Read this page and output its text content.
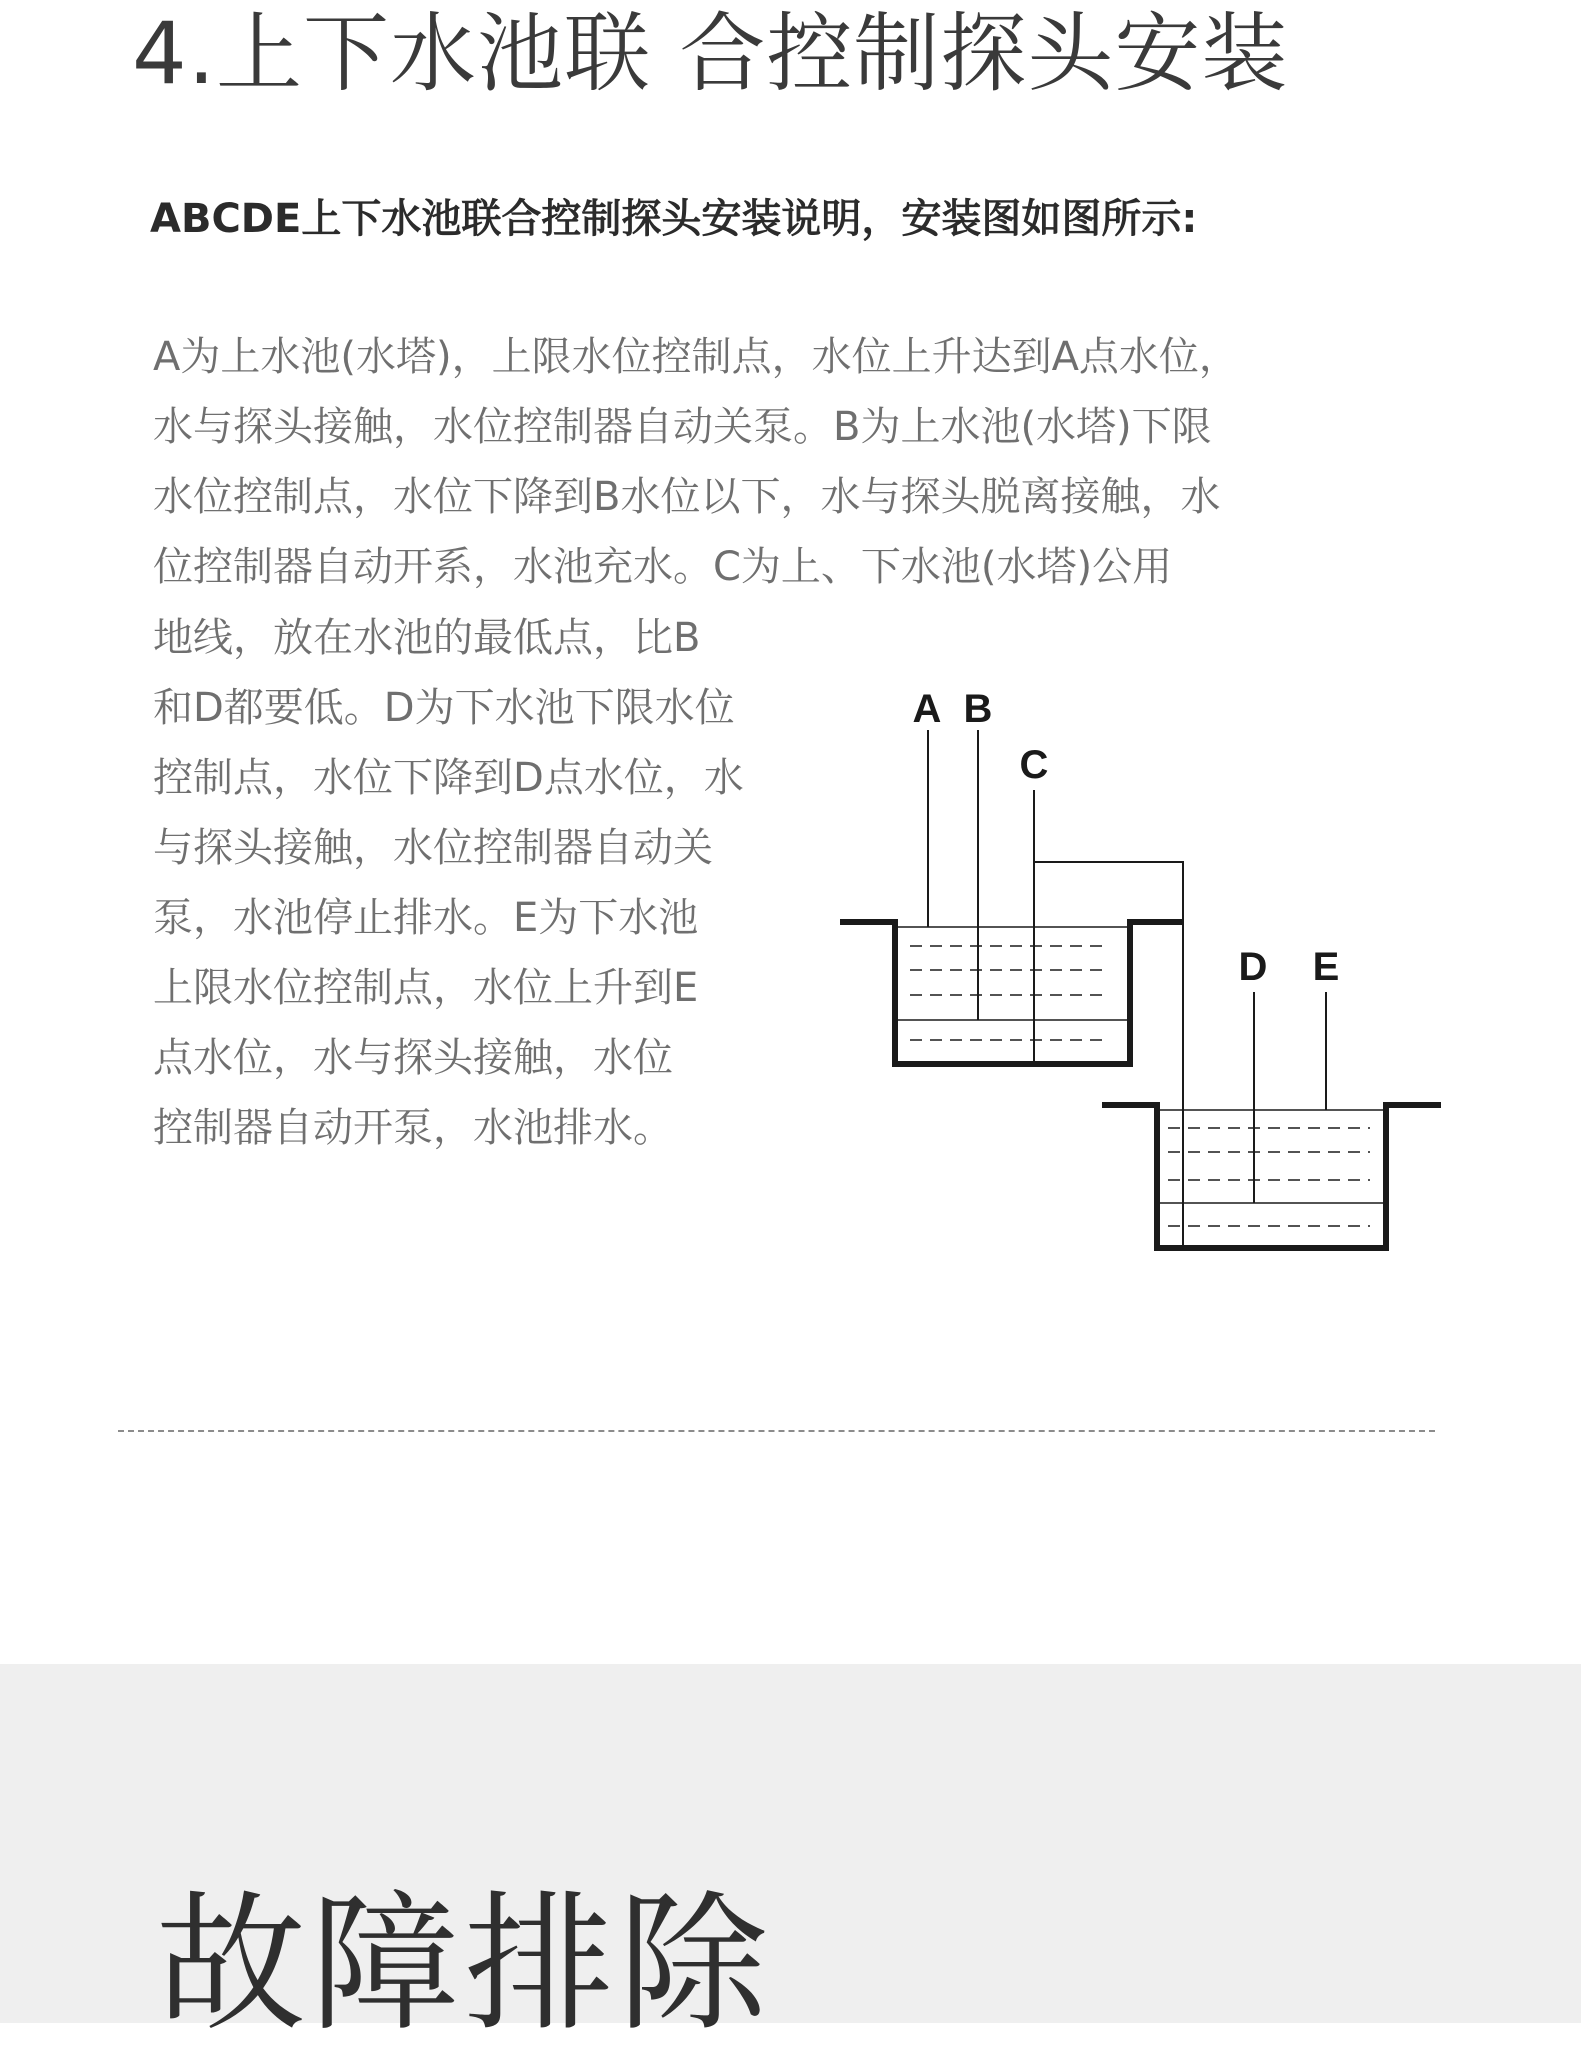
4.上下水池联 合控制探头安装
ABCDE上下水池联合控制探头安装说明，安装图如图所示:

A为上水池(水塔)，上限水位控制点，水位上升达到A点水位，
水与探头接触，水位控制器自动关泵。B为上水池(水塔)下限
水位控制点，水位下降到B水位以下，水与探头脱离接触，水
位控制器自动开系，水池充水。C为上、下水池(水塔)公用

地线，放在水池的最低点，比B
和D都要低。D为下水池下限水位
控制点，水位下降到D点水位，水
与探头接触，水位控制器自动关
泵，水池停止排水。E为下水池
上限水位控制点，水位上升到E
点水位，水与探头接触，水位
控制器自动开泵，水池排水。

A B
C
D E
故障排除
